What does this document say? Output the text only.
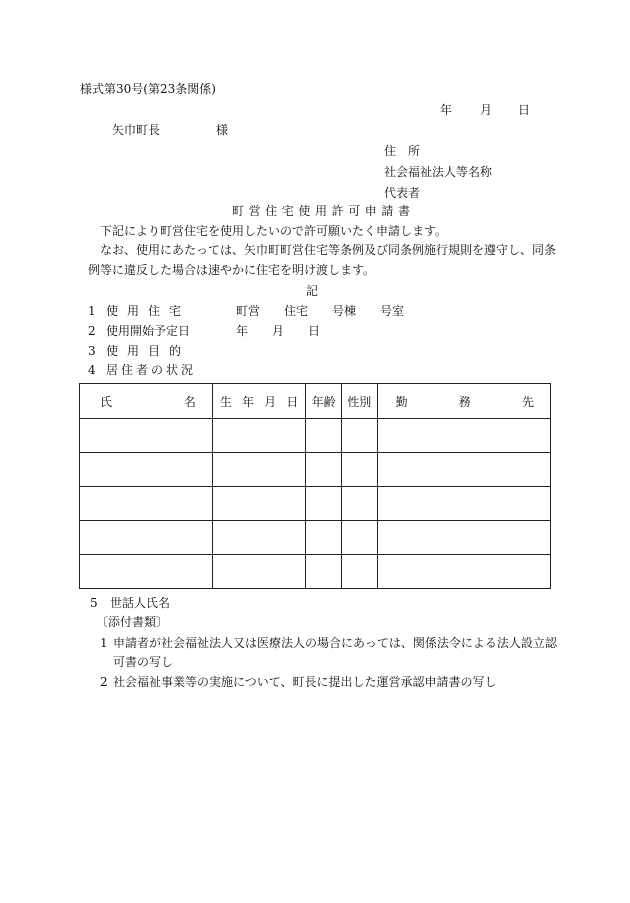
様式第30号(第23条関係)
年 月 日
矢巾町長	様
住　所
社会福祉法人等名称
代表者
町営住宅使用許可申請書
下記により町営住宅を使用したいので許可願いたく申請します。
なお、使用にあたっては、矢巾町町営住宅等条例及び同条例施行規則を遵守し、同条
例等に違反した場合は速やかに住宅を明け渡します。
記
1 使用住宅	町営　　住宅　　号棟　　号室
2 使用開始予定日	年　　月　　日
3 使用目的
4 居住者の状況
氏 名	生 年 月 日	年齢	性別	勤 務 先

5 世話人氏名
〔添付書類〕
1 申請者が社会福祉法人又は医療法人の場合にあっては、関係法令による法人設立認
可書の写し
2 社会福祉事業等の実施について、町長に提出した運営承認申請書の写し
